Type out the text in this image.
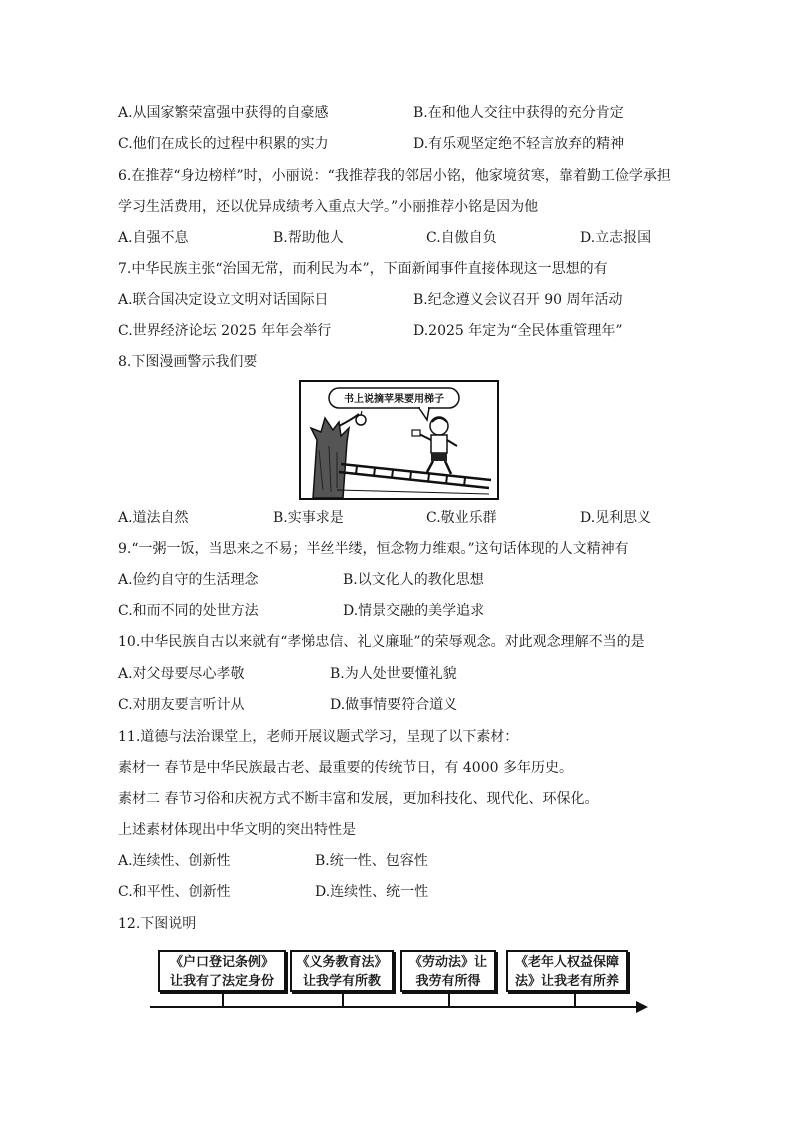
A.从国家繁荣富强中获得的自豪感	B.在和他人交往中获得的充分肯定
C.他们在成长的过程中积累的实力	D.有乐观坚定绝不轻言放弃的精神
6.在推荐“身边榜样”时，小丽说：“我推荐我的邻居小铭，他家境贫寒，靠着勤工俭学承担
学习生活费用，还以优异成绩考入重点大学。”小丽推荐小铭是因为他
A.自强不息	B.帮助他人	C.自傲自负	D.立志报国
7.中华民族主张“治国无常，而利民为本”，下面新闻事件直接体现这一思想的有
A.联合国决定设立文明对话国际日	B.纪念遵义会议召开 90 周年活动
C.世界经济论坛 2025 年年会举行	D.2025 年定为“全民体重管理年”
8.下图漫画警示我们要
书上说摘苹果要用梯子
A.道法自然	B.实事求是	C.敬业乐群	D.见利思义
9.“一粥一饭，当思来之不易；半丝半缕，恒念物力维艰。”这句话体现的人文精神有
A.俭约自守的生活理念	B.以文化人的教化思想
C.和而不同的处世方法	D.情景交融的美学追求
10.中华民族自古以来就有“孝悌忠信、礼义廉耻”的荣辱观念。对此观念理解不当的是
A.对父母要尽心孝敬	B.为人处世要懂礼貌
C.对朋友要言听计从	D.做事情要符合道义
11.道德与法治课堂上，老师开展议题式学习，呈现了以下素材：
素材一 春节是中华民族最古老、最重要的传统节日，有 4000 多年历史。
素材二 春节习俗和庆祝方式不断丰富和发展，更加科技化、现代化、环保化。
上述素材体现出中华文明的突出特性是
A.连续性、创新性	B.统一性、包容性
C.和平性、创新性	D.连续性、统一性
12.下图说明
《户口登记条例》
让我有了法定身份
《义务教育法》
让我学有所教
《劳动法》让
我劳有所得
《老年人权益保障
法》让我老有所养
